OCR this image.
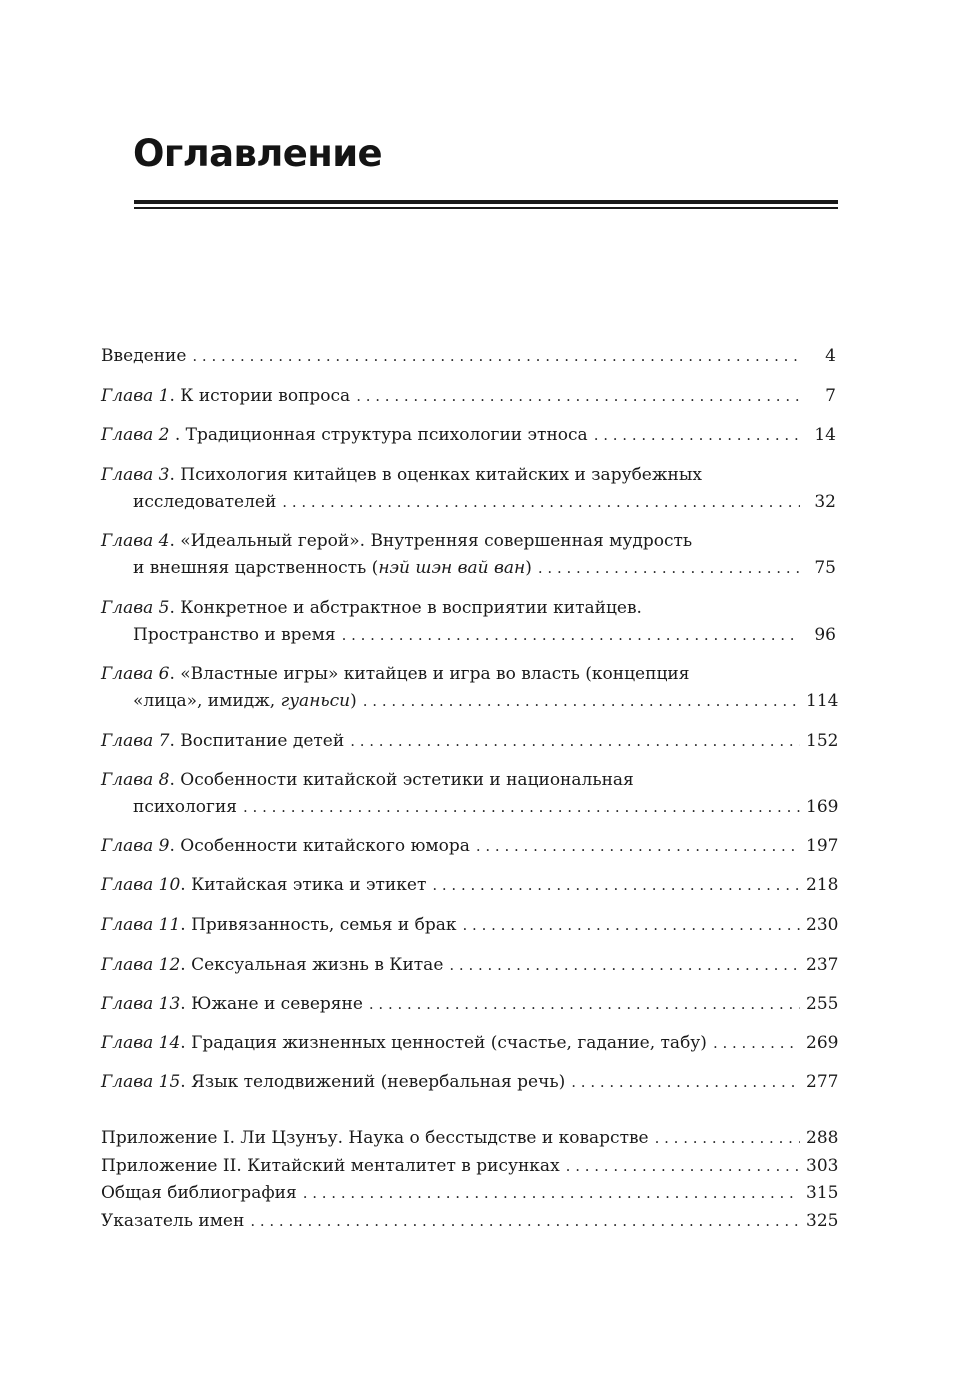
Оглавление
Введение . . .	4
Глава 1 . К истории вопроса . . .	7
Глава 2 . Традиционная структура психологии этноса . . .	14
Глава 3 . Психология китайцев в оценках китайских и зарубежных
исследователей . . .	32
Глава 4 . «Идеальный герой». Внутренняя совершенная мудрость
и внешняя царственность ( нэй шэн вай ван ) . . .	75
Глава 5 . Конкретное и абстрактное в восприятии китайцев.
Пространство и время . . .	96
Глава 6 . «Властные игры» китайцев и игра во власть (концепция
«лица», имидж, гуаньси ) . . .	114
Глава 7 . Воспитание детей . . .	152
Глава 8 . Особенности китайской эстетики и национальная
психология . . .	169
Глава 9 . Особенности китайского юмора . . .	197
Глава 10 . Китайская этика и этикет . . .	218
Глава 11 . Привязанность, семья и брак . . .	230
Глава 12 . Сексуальная жизнь в Китае . . .	237
Глава 13 . Южане и северяне . . .	255
Глава 14 . Градация жизненных ценностей (счастье, гадание, табу) . . .	269
Глава 15 . Язык телодвижений (невербальная речь) . . .	277
Приложение I. Ли Цзунъу. Наука о бесстыдстве и коварстве . . .	288
Приложение II. Китайский менталитет в рисунках . . .	303
Общая библиография . . .	315
Указатель имен . . .	325
